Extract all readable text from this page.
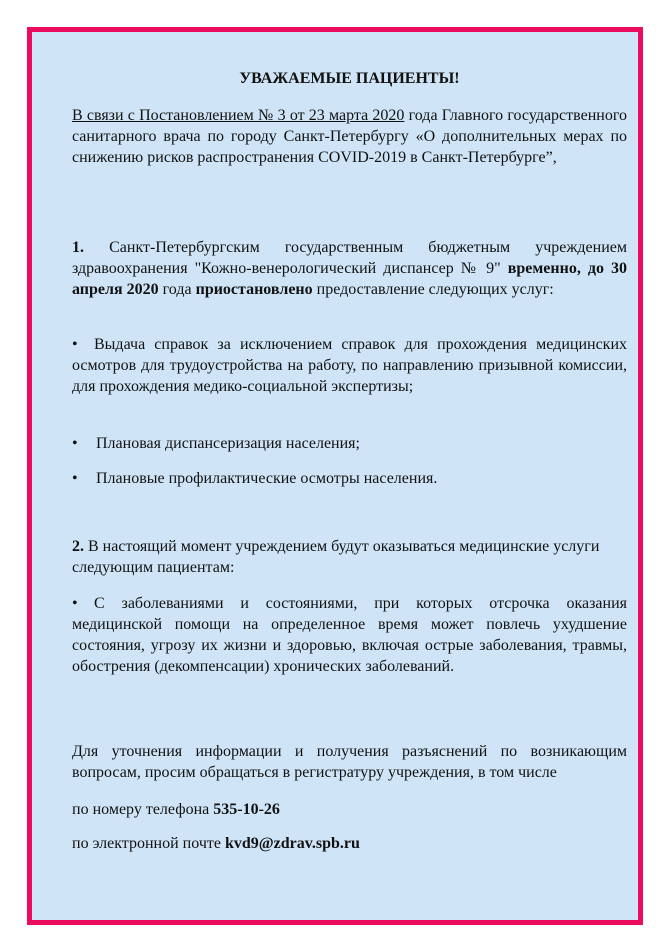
УВАЖАЕМЫЕ ПАЦИЕНТЫ!
В связи с Постановлением № 3 от 23 марта 2020 года Главного государственного санитарного врача по городу Санкт-Петербургу «О дополнительных мерах по снижению рисков распространения COVID-2019 в Санкт-Петербурге”,
1. Санкт-Петербургским государственным бюджетным учреждением здравоохранения "Кожно-венерологический диспансер № 9" временно, до 30 апреля 2020 года приостановлено предоставление следующих услуг:
• Выдача справок за исключением справок для прохождения медицинских осмотров для трудоустройства на работу, по направлению призывной комиссии, для прохождения медико-социальной экспертизы;
• Плановая диспансеризация населения;
• Плановые профилактические осмотры населения.
2. В настоящий момент учреждением будут оказываться медицинские услуги следующим пациентам:
• С заболеваниями и состояниями, при которых отсрочка оказания медицинской помощи на определенное время может повлечь ухудшение состояния, угрозу их жизни и здоровью, включая острые заболевания, травмы, обострения (декомпенсации) хронических заболеваний.
Для уточнения информации и получения разъяснений по возникающим вопросам, просим обращаться в регистратуру учреждения, в том числе
по номеру телефона 535-10-26
по электронной почте kvd9@zdrav.spb.ru
